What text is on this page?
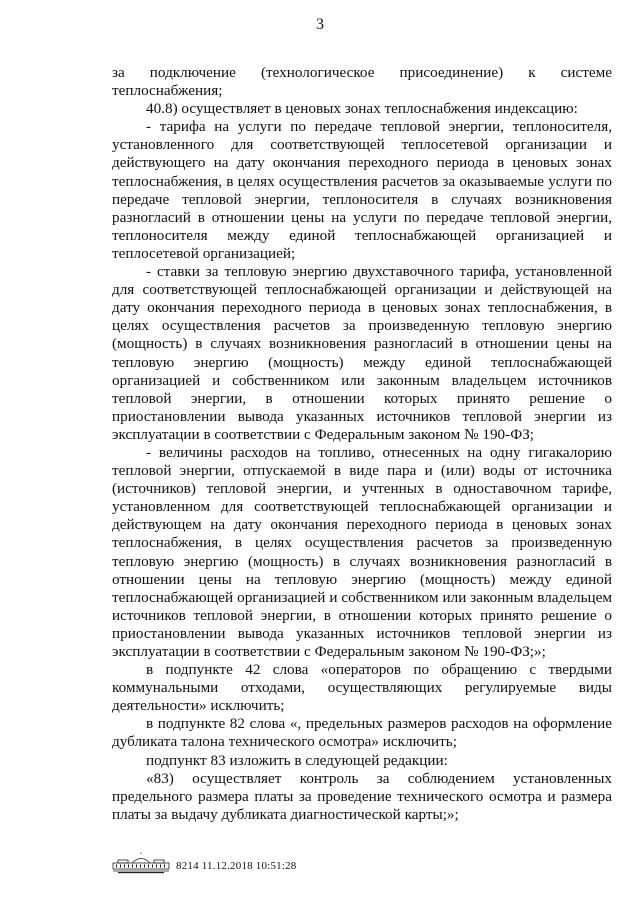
3

за подключение (технологическое присоединение) к системе теплоснабжения;

40.8) осуществляет в ценовых зонах теплоснабжения индексацию:

- тарифа на услуги по передаче тепловой энергии, теплоносителя, установленного для соответствующей теплосетевой организации и действующего на дату окончания переходного периода в ценовых зонах теплоснабжения, в целях осуществления расчетов за оказываемые услуги по передаче тепловой энергии, теплоносителя в случаях возникновения разногласий в отношении цены на услуги по передаче тепловой энергии, теплоносителя между единой теплоснабжающей организацией и теплосетевой организацией;

- ставки за тепловую энергию двухставочного тарифа, установленной для соответствующей теплоснабжающей организации и действующей на дату окончания переходного периода в ценовых зонах теплоснабжения, в целях осуществления расчетов за произведенную тепловую энергию (мощность) в случаях возникновения разногласий в отношении цены на тепловую энергию (мощность) между единой теплоснабжающей организацией и собственником или законным владельцем источников тепловой энергии, в отношении которых принято решение о приостановлении вывода указанных источников тепловой энергии из эксплуатации в соответствии с Федеральным законом № 190-ФЗ;

- величины расходов на топливо, отнесенных на одну гигакалорию тепловой энергии, отпускаемой в виде пара и (или) воды от источника (источников) тепловой энергии, и учтенных в одноставочном тарифе, установленном для соответствующей теплоснабжающей организации и действующем на дату окончания переходного периода в ценовых зонах теплоснабжения, в целях осуществления расчетов за произведенную тепловую энергию (мощность) в случаях возникновения разногласий в отношении цены на тепловую энергию (мощность) между единой теплоснабжающей организацией и собственником или законным владельцем источников тепловой энергии, в отношении которых принято решение о приостановлении вывода указанных источников тепловой энергии из эксплуатации в соответствии с Федеральным законом № 190-ФЗ;»;

в подпункте 42 слова «операторов по обращению с твердыми коммунальными отходами, осуществляющих регулируемые виды деятельности» исключить;

в подпункте 82 слова «, предельных размеров расходов на оформление дубликата талона технического осмотра» исключить;

подпункт 83 изложить в следующей редакции:

«83) осуществляет контроль за соблюдением установленных предельного размера платы за проведение технического осмотра и размера платы за выдачу дубликата диагностической карты;»;

8214 11.12.2018 10:51:28
